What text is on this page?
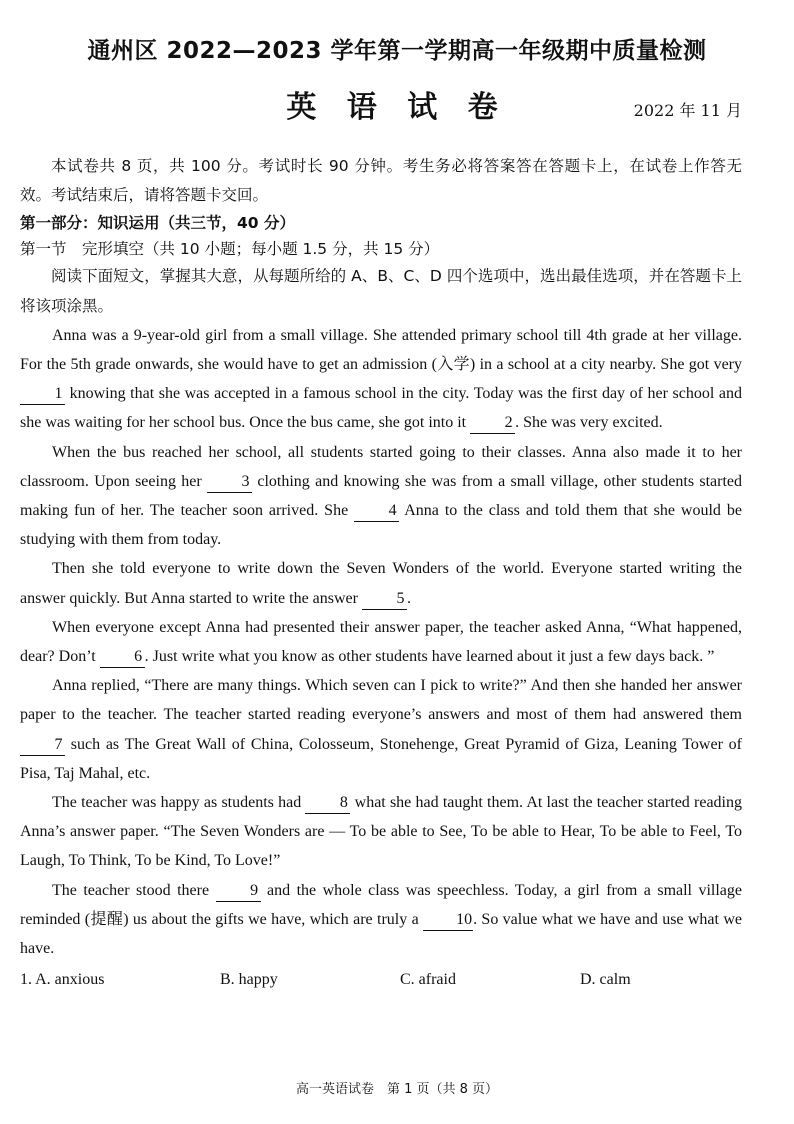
通州区 2022—2023 学年第一学期高一年级期中质量检测
英 语 试 卷	2022 年 11 月

本试卷共 8 页，共 100 分。考试时长 90 分钟。考生务必将答案答在答题卡上，在试卷上作答无效。考试结束后，请将答题卡交回。

第一部分：知识运用（共三节，40 分）

第一节　完形填空（共 10 小题；每小题 1.5 分，共 15 分）

阅读下面短文，掌握其大意，从每题所给的 A、B、C、D 四个选项中，选出最佳选项，并在答题卡上将该项涂黑。

Anna was a 9-year-old girl from a small village. She attended primary school till 4th grade at her village. For the 5th grade onwards, she would have to get an admission (入学) in a school at a city nearby. She got very 1 knowing that she was accepted in a famous school in the city. Today was the first day of her school and she was waiting for her school bus. Once the bus came, she got into it 2 . She was very excited.

When the bus reached her school, all students started going to their classes. Anna also made it to her classroom. Upon seeing her 3 clothing and knowing she was from a small village, other students started making fun of her. The teacher soon arrived. She 4 Anna to the class and told them that she would be studying with them from today.

Then she told everyone to write down the Seven Wonders of the world. Everyone started writing the answer quickly. But Anna started to write the answer 5 .

When everyone except Anna had presented their answer paper, the teacher asked Anna, “What happened, dear? Don’t 6 . Just write what you know as other students have learned about it just a few days back. ”

Anna replied, “There are many things. Which seven can I pick to write?” And then she handed her answer paper to the teacher. The teacher started reading everyone’s answers and most of them had answered them 7 such as The Great Wall of China, Colosseum, Stonehenge, Great Pyramid of Giza, Leaning Tower of Pisa, Taj Mahal, etc.

The teacher was happy as students had 8 what she had taught them. At last the teacher started reading Anna’s answer paper. “The Seven Wonders are — To be able to See, To be able to Hear, To be able to Feel, To Laugh, To Think, To be Kind, To Love!”

The teacher stood there 9 and the whole class was speechless. Today, a girl from a small village reminded (提醒) us about the gifts we have, which are truly a 10. So value what we have and use what we have.

1. A. anxious	B. happy	C. afraid	D. calm
高一英语试卷　第 1 页（共 8 页）
